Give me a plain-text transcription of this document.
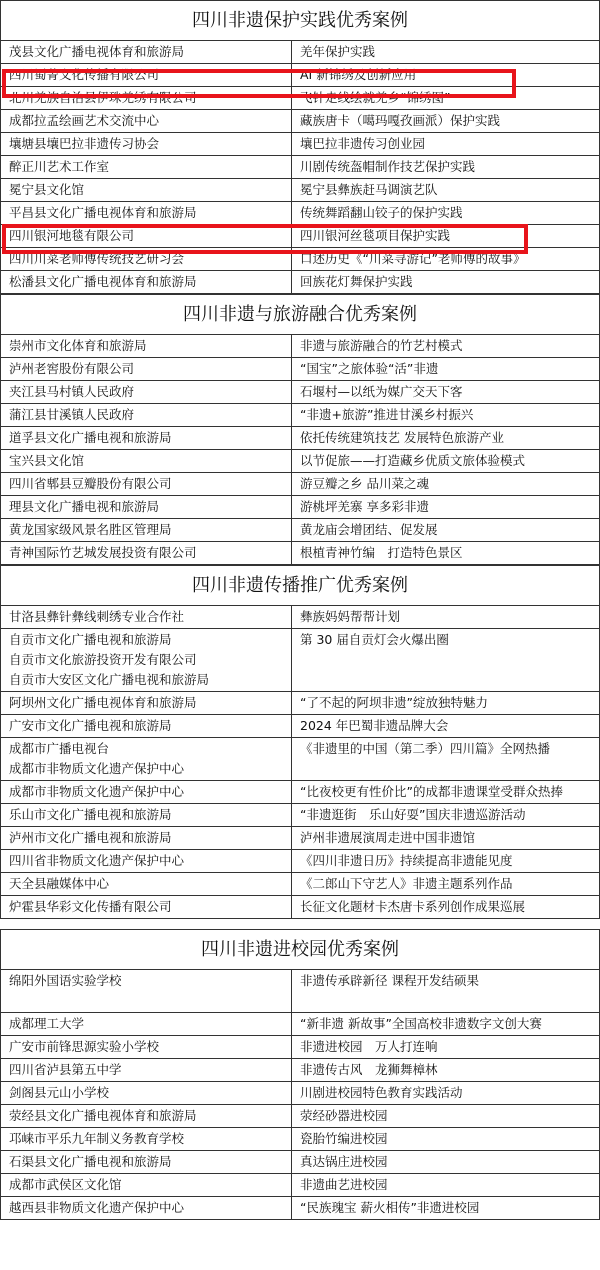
四川非遗保护实践优秀案例
茂县文化广播电视体育和旅游局	羌年保护实践

四川蜀菁文化传播有限公司	AI 新锦绣及创新应用

北川羌族自治县伊珠羌绣有限公司	飞针走线绘就羌乡“锦绣图”

成都拉孟绘画艺术交流中心	藏族唐卡（噶玛嘎孜画派）保护实践

壤塘县壤巴拉非遗传习协会	壤巴拉非遗传习创业园

醉正川艺术工作室	川剧传统盔帽制作技艺保护实践

冕宁县文化馆	冕宁县彝族赶马调演艺队

平昌县文化广播电视体育和旅游局	传统舞蹈翻山铰子的保护实践

四川银河地毯有限公司	四川银河丝毯项目保护实践

四川川菜老师傅传统技艺研习会	口述历史《“川菜寻游记”老师傅的故事》

松潘县文化广播电视体育和旅游局	回族花灯舞保护实践
四川非遗与旅游融合优秀案例
崇州市文化体育和旅游局	非遗与旅游融合的竹艺村模式

泸州老窖股份有限公司	“国宝”之旅体验“活”非遗

夹江县马村镇人民政府	石堰村—以纸为媒广交天下客

蒲江县甘溪镇人民政府	“非遗+旅游”推进甘溪乡村振兴

道孚县文化广播电视和旅游局	依托传统建筑技艺 发展特色旅游产业

宝兴县文化馆	以节促旅——打造藏乡优质文旅体验模式

四川省郫县豆瓣股份有限公司	游豆瓣之乡 品川菜之魂

理县文化广播电视和旅游局	游桃坪羌寨 享多彩非遗

黄龙国家级风景名胜区管理局	黄龙庙会增团结、促发展

青神国际竹艺城发展投资有限公司	根植青神竹编　打造特色景区
四川非遗传播推广优秀案例
甘洛县彝针彝线刺绣专业合作社	彝族妈妈帮帮计划

自贡市文化广播电视和旅游局
自贡市文化旅游投资开发有限公司
自贡市大安区文化广播电视和旅游局	第 30 届自贡灯会火爆出圈

阿坝州文化广播电视体育和旅游局	“了不起的阿坝非遗”绽放独特魅力

广安市文化广播电视和旅游局	2024 年巴蜀非遗品牌大会

成都市广播电视台
成都市非物质文化遗产保护中心	《非遗里的中国（第二季）四川篇》全网热播

成都市非物质文化遗产保护中心	“比夜校更有性价比”的成都非遗课堂受群众热捧

乐山市文化广播电视和旅游局	“非遗逛街　乐山好耍”国庆非遗巡游活动

泸州市文化广播电视和旅游局	泸州非遗展演周走进中国非遗馆

四川省非物质文化遗产保护中心	《四川非遗日历》持续提高非遗能见度

天全县融媒体中心	《二郎山下守艺人》非遗主题系列作品

炉霍县华彩文化传播有限公司	长征文化题材卡杰唐卡系列创作成果巡展
四川非遗进校园优秀案例
绵阳外国语实验学校	非遗传承辟新径 课程开发结硕果

成都理工大学	“新非遗 新故事”全国高校非遗数字文创大赛

广安市前锋思源实验小学校	非遗进校园　万人打连响

四川省泸县第五中学	非遗传古风　龙狮舞樟林

剑阁县元山小学校	川剧进校园特色教育实践活动

荥经县文化广播电视体育和旅游局	荥经砂器进校园

邛崃市平乐九年制义务教育学校	瓷胎竹编进校园

石渠县文化广播电视和旅游局	真达锅庄进校园

成都市武侯区文化馆	非遗曲艺进校园

越西县非物质文化遗产保护中心	“民族瑰宝 薪火相传”非遗进校园
